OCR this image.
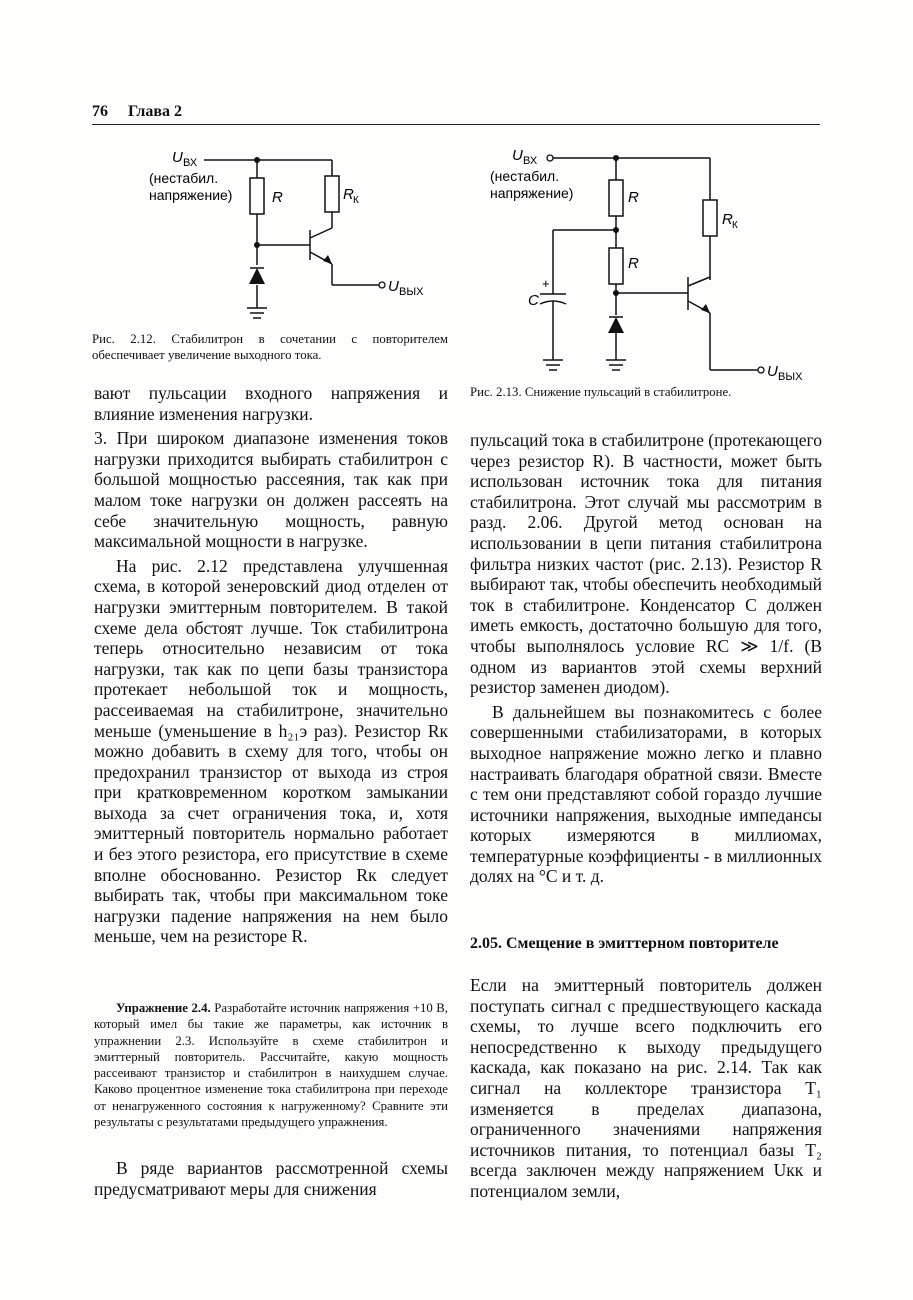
76 Глава 2
U ВХ
(нестабил.
напряжение)	R	R К
U ВЫХ
Рис. 2.12. Стабилитрон в сочетании с повторителем обеспечивает увеличение выходного тока.
U ВХ
(нестабил.
напряжение)	R
R
R К
+
C
U ВЫХ
Рис. 2.13. Снижение пульсаций в стабилитроне.

вают пульсации входного напряжения и влияние изменения нагрузки.

3. При широком диапазоне изменения токов нагрузки приходится выбирать стабилитрон с большой мощностью рассеяния, так как при малом токе нагрузки он должен рассеять на себе значительную мощность, равную максимальной мощности в нагрузке.

На рис. 2.12 представлена улучшенная схема, в которой зенеровский диод отделен от нагрузки эмиттерным повторителем. В такой схеме дела обстоят лучше. Ток стабилитрона теперь относительно независим от тока нагрузки, так как по цепи базы транзистора протекает небольшой ток и мощность, рассеиваемая на стабилитроне, значительно меньше (уменьшение в h₂₁э раз). Резистор Rк можно добавить в схему для того, чтобы он предохранил транзистор от выхода из строя при кратковременном коротком замыкании выхода за счет ограничения тока, и, хотя эмиттерный повторитель нормально работает и без этого резистора, его присутствие в схеме вполне обоснованно. Резистор Rк следует выбирать так, чтобы при максимальном токе нагрузки падение напряжения на нем было меньше, чем на резисторе R.

Упражнение 2.4. Разработайте источник напряжения +10 В, который имел бы такие же параметры, как источник в упражнении 2.3. Используйте в схеме стабилитрон и эмиттерный повторитель. Рассчитайте, какую мощность рассеивают транзистор и стабилитрон в наихудшем случае. Каково процентное изменение тока стабилитрона при переходе от ненагруженного состояния к нагруженному? Сравните эти результаты с результатами предыдущего упражнения.

В ряде вариантов рассмотренной схемы предусматривают меры для снижения

пульсаций тока в стабилитроне (протекающего через резистор R). В частности, может быть использован источник тока для питания стабилитрона. Этот случай мы рассмотрим в разд. 2.06. Другой метод основан на использовании в цепи питания стабилитрона фильтра низких частот (рис. 2.13). Резистор R выбирают так, чтобы обеспечить необходимый ток в стабилитроне. Конденсатор C должен иметь емкость, достаточно большую для того, чтобы выполнялось условие RC ≫ 1/f. (В одном из вариантов этой схемы верхний резистор заменен диодом).

В дальнейшем вы познакомитесь с более совершенными стабилизаторами, в которых выходное напряжение можно легко и плавно настраивать благодаря обратной связи. Вместе с тем они представляют собой гораздо лучшие источники напряжения, выходные импедансы которых измеряются в миллиомах, температурные коэффициенты - в миллионных долях на °C и т. д.

2.05. Смещение в эмиттерном повторителе

Если на эмиттерный повторитель должен поступать сигнал с предшествующего каскада схемы, то лучше всего подключить его непосредственно к выходу предыдущего каскада, как показано на рис. 2.14. Так как сигнал на коллекторе транзистора T₁ изменяется в пределах диапазона, ограниченного значениями напряжения источников питания, то потенциал базы T₂ всегда заключен между напряжением Uкк и потенциалом земли,
